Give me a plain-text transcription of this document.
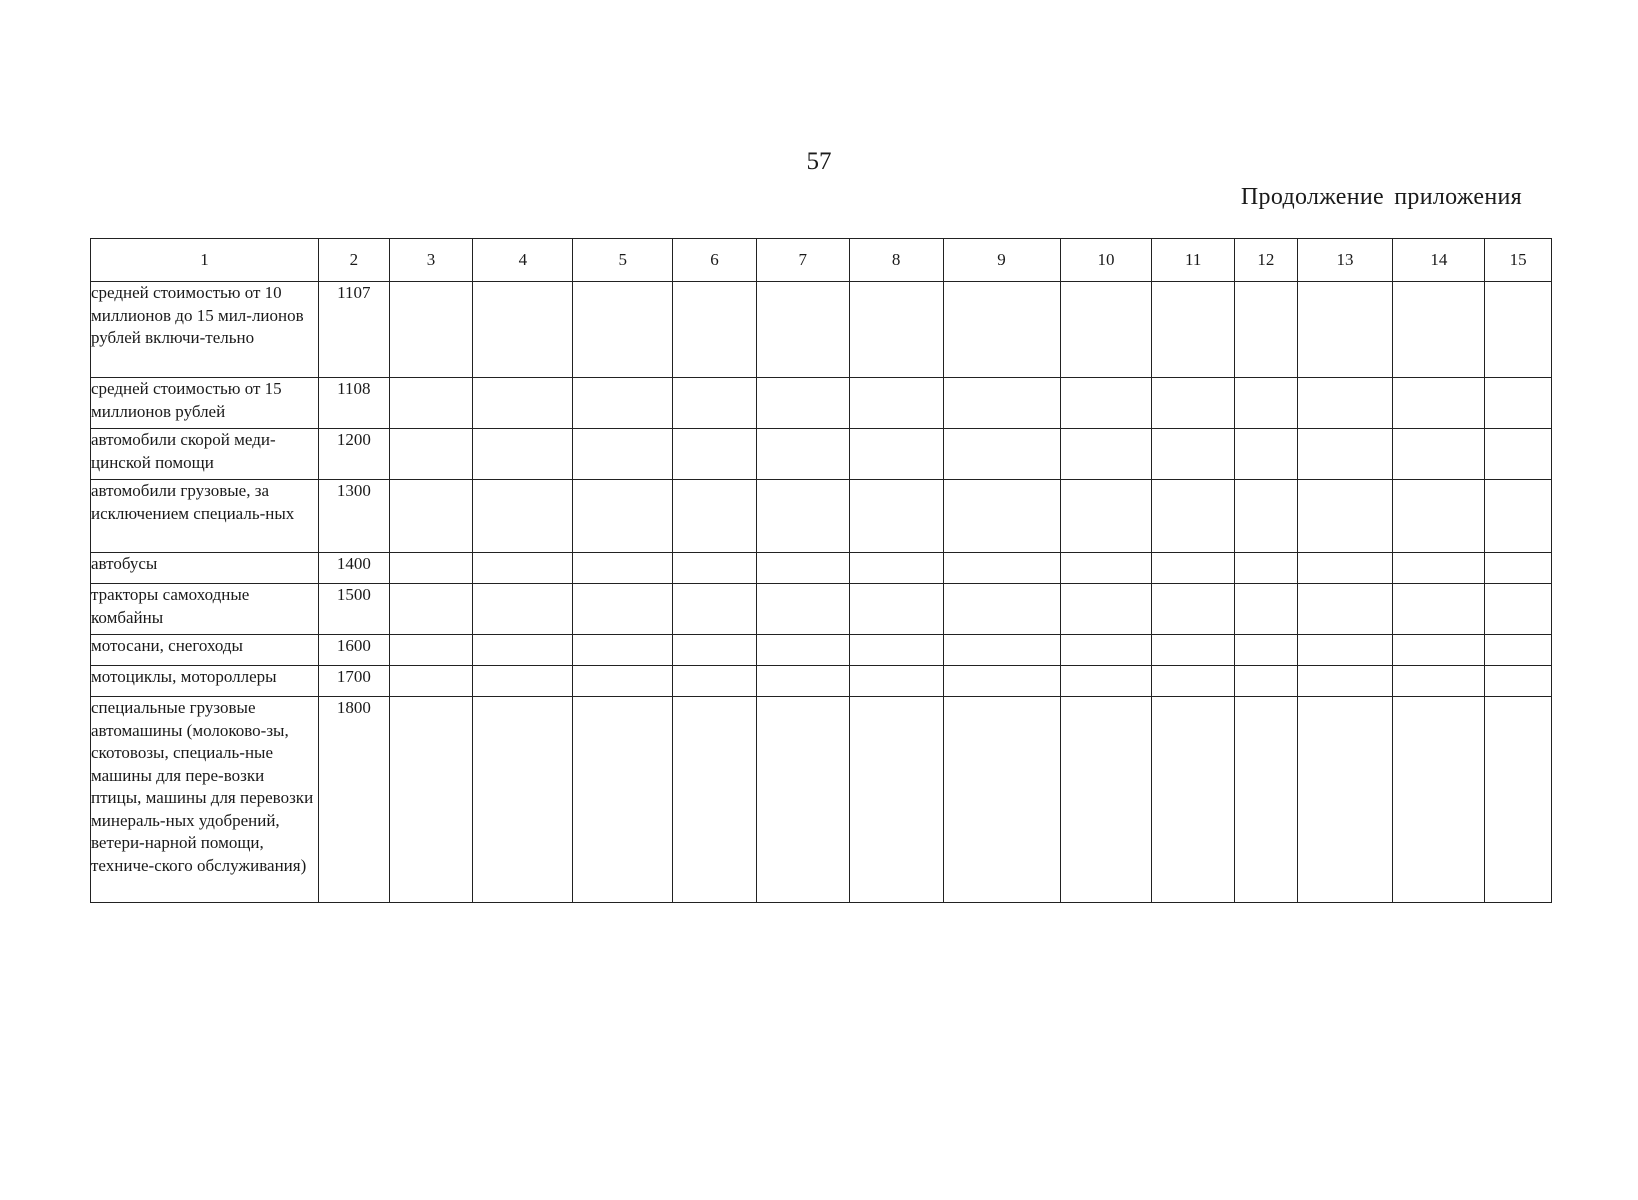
57
Продолжение приложения
1	2	3	4	5	6	7	8	9	10	11	12	13	14	15
средней стоимостью от 10 миллионов до 15 мил-лионов рублей включи-тельно	1107													
средней стоимостью от 15 миллионов рублей	1108													
автомобили скорой меди-цинской помощи	1200													
автомобили грузовые, за исключением специаль-ных	1300													
автобусы	1400													
тракторы самоходные комбайны	1500													
мотосани, снегоходы	1600													
мотоциклы, мотороллеры	1700													
специальные грузовые автомашины (молоково-зы, скотовозы, специаль-ные машины для пере-возки птицы, машины для перевозки минераль-ных удобрений, ветери-нарной помощи, техниче-ского обслуживания)	1800													
